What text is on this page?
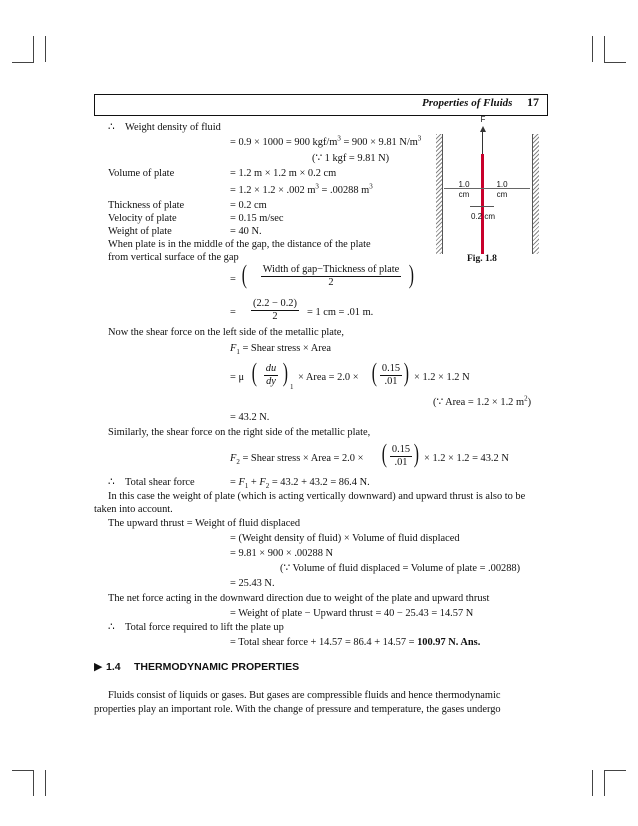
Properties of Fluids 17
∴ Weight density of fluid
= 0.9 × 1000 = 900 kgf/$m^3 = 900 \times 9.81$ $N/m^3$
(∵ 1 kgf = 9.81 N)
Volume of plate	= 1.2 m × 1.2 m × 0.2 cm
= 1.2 × 1.2 × .002 $m^3 = .00288$ $m^3$
Thickness of plate	= 0.2 cm
Velocity of plate	= 0.15 m/sec
Weight of plate	= 40 N.
When plate is in the middle of the gap, the distance of the plate
from vertical surface of the gap
= ( Width of gap−Thickness of plate
2	)
= $\frac{(2.2 - 0.2)}{2} = 1$ cm = .01 m.
Now the shear force on the left side of the metallic plate,
$F_1$ = Shear stress × Area
= μ ( $\frac{du}{dy}$
) 1
× Area = 2.0 × ( $\frac{0.15}{.01}$
) × 1.2 × 1.2 N
(∵ Area = 1.2 × 1.2 $m^2$)
= 43.2 N.
Similarly, the shear force on the right side of the metallic plate,
$F_2$ = Shear stress × Area = 2.0 × ( $\frac{0.15}{.01}$
) × 1.2 × 1.2 = 43.2 N
∴ Total shear force	= $F_1 + F_2 = 43.2 + 43.2 = 86.4$ N.
In this case the weight of plate (which is acting vertically downward) and upward thrust is also to be
taken into account.
The upward thrust = Weight of fluid displaced
= (Weight density of fluid) × Volume of fluid displaced
= 9.81 × 900 × .00288 N
(∵ Volume of fluid displaced = Volume of plate = .00288)
= 25.43 N.
The net force acting in the downward direction due to weight of the plate and upward thrust
= Weight of plate − Upward thrust = 40 − 25.43 = 14.57 N
∴ Total force required to lift the plate up
= Total shear force + 14.57 = 86.4 + 14.57 = 100.97 N. Ans.
▶ 1.4 THERMODYNAMIC PROPERTIES
Fluids consist of liquids or gases. But gases are compressible fluids and hence thermodynamic
properties play an important role. With the change of pressure and temperature, the gases undergo
F
1.0
cm
1.0
cm
0.2 cm
Fig. 1.8
